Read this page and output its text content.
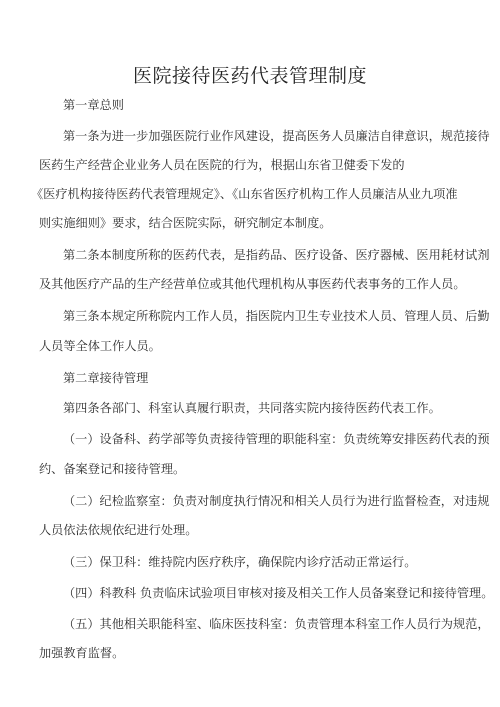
医院接待医药代表管理制度
第一章总则
第一条为进一步加强医院行业作风建设，提高医务人员廉洁自律意识，规范接待
医药生产经营企业业务人员在医院的行为，根据山东省卫健委下发的
《医疗机构接待医药代表管理规定》、《山东省医疗机构工作人员廉洁从业九项准
则实施细则》要求，结合医院实际，研究制定本制度。
第二条本制度所称的医药代表，是指药品、医疗设备、医疗器械、医用耗材试剂
及其他医疗产品的生产经营单位或其他代理机构从事医药代表事务的工作人员。
第三条本规定所称院内工作人员，指医院内卫生专业技术人员、管理人员、后勤
人员等全体工作人员。
第二章接待管理
第四条各部门、科室认真履行职责，共同落实院内接待医药代表工作。
（一）设备科、药学部等负责接待管理的职能科室：负责统筹安排医药代表的预
约、备案登记和接待管理。
（二）纪检监察室：负责对制度执行情况和相关人员行为进行监督检查，对违规
人员依法依规依纪进行处理。
（三）保卫科：维持院内医疗秩序，确保院内诊疗活动正常运行。
（四）科教科 负责临床试验项目审核对接及相关工作人员备案登记和接待管理。
（五）其他相关职能科室、临床医技科室：负责管理本科室工作人员行为规范，
加强教育监督。
